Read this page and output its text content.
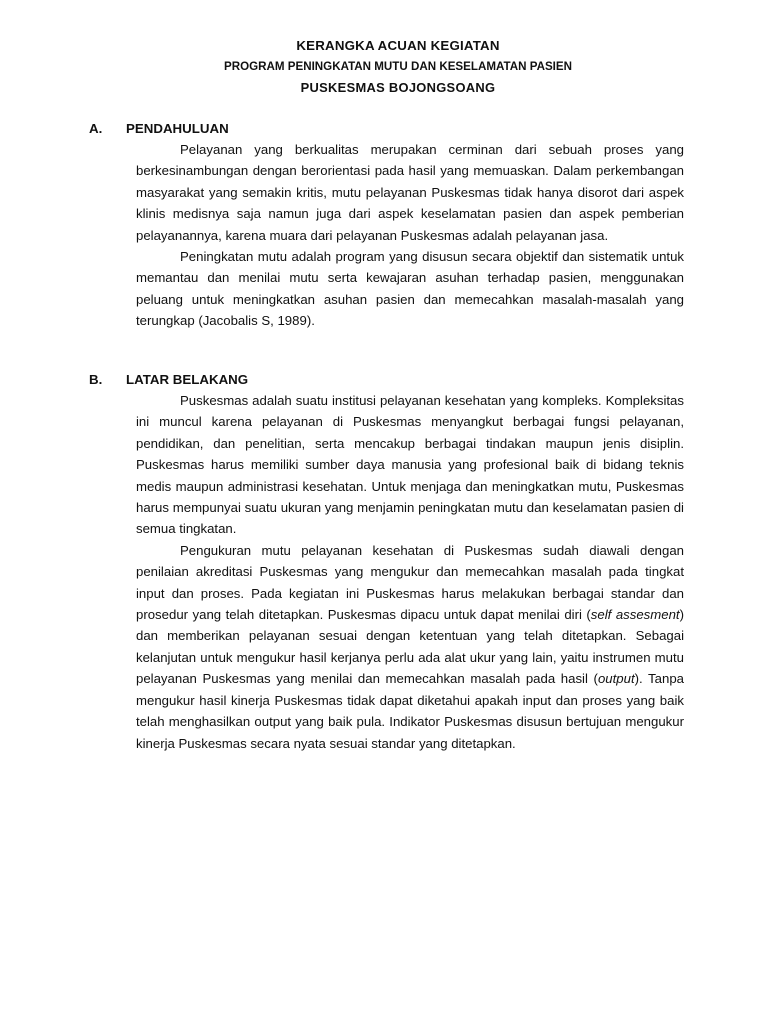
KERANGKA ACUAN KEGIATAN
PROGRAM PENINGKATAN MUTU DAN KESELAMATAN PASIEN
PUSKESMAS BOJONGSOANG
A. PENDAHULUAN

Pelayanan yang berkualitas merupakan cerminan dari sebuah proses yang berkesinambungan dengan berorientasi pada hasil yang memuaskan. Dalam perkembangan masyarakat yang semakin kritis, mutu pelayanan Puskesmas tidak hanya disorot dari aspek klinis medisnya saja namun juga dari aspek keselamatan pasien dan aspek pemberian pelayanannya, karena muara dari pelayanan Puskesmas adalah pelayanan jasa.

Peningkatan mutu adalah program yang disusun secara objektif dan sistematik untuk memantau dan menilai mutu serta kewajaran asuhan terhadap pasien, menggunakan peluang untuk meningkatkan asuhan pasien dan memecahkan masalah-masalah yang terungkap (Jacobalis S, 1989).

B. LATAR BELAKANG

Puskesmas adalah suatu institusi pelayanan kesehatan yang kompleks. Kompleksitas ini muncul karena pelayanan di Puskesmas menyangkut berbagai fungsi pelayanan, pendidikan, dan penelitian, serta mencakup berbagai tindakan maupun jenis disiplin. Puskesmas harus memiliki sumber daya manusia yang profesional baik di bidang teknis medis maupun administrasi kesehatan. Untuk menjaga dan meningkatkan mutu, Puskesmas harus mempunyai suatu ukuran yang menjamin peningkatan mutu dan keselamatan pasien di semua tingkatan.

Pengukuran mutu pelayanan kesehatan di Puskesmas sudah diawali dengan penilaian akreditasi Puskesmas yang mengukur dan memecahkan masalah pada tingkat input dan proses. Pada kegiatan ini Puskesmas harus melakukan berbagai standar dan prosedur yang telah ditetapkan. Puskesmas dipacu untuk dapat menilai diri (self assesment) dan memberikan pelayanan sesuai dengan ketentuan yang telah ditetapkan. Sebagai kelanjutan untuk mengukur hasil kerjanya perlu ada alat ukur yang lain, yaitu instrumen mutu pelayanan Puskesmas yang menilai dan memecahkan masalah pada hasil (output). Tanpa mengukur hasil kinerja Puskesmas tidak dapat diketahui apakah input dan proses yang baik telah menghasilkan output yang baik pula. Indikator Puskesmas disusun bertujuan mengukur kinerja Puskesmas secara nyata sesuai standar yang ditetapkan.
